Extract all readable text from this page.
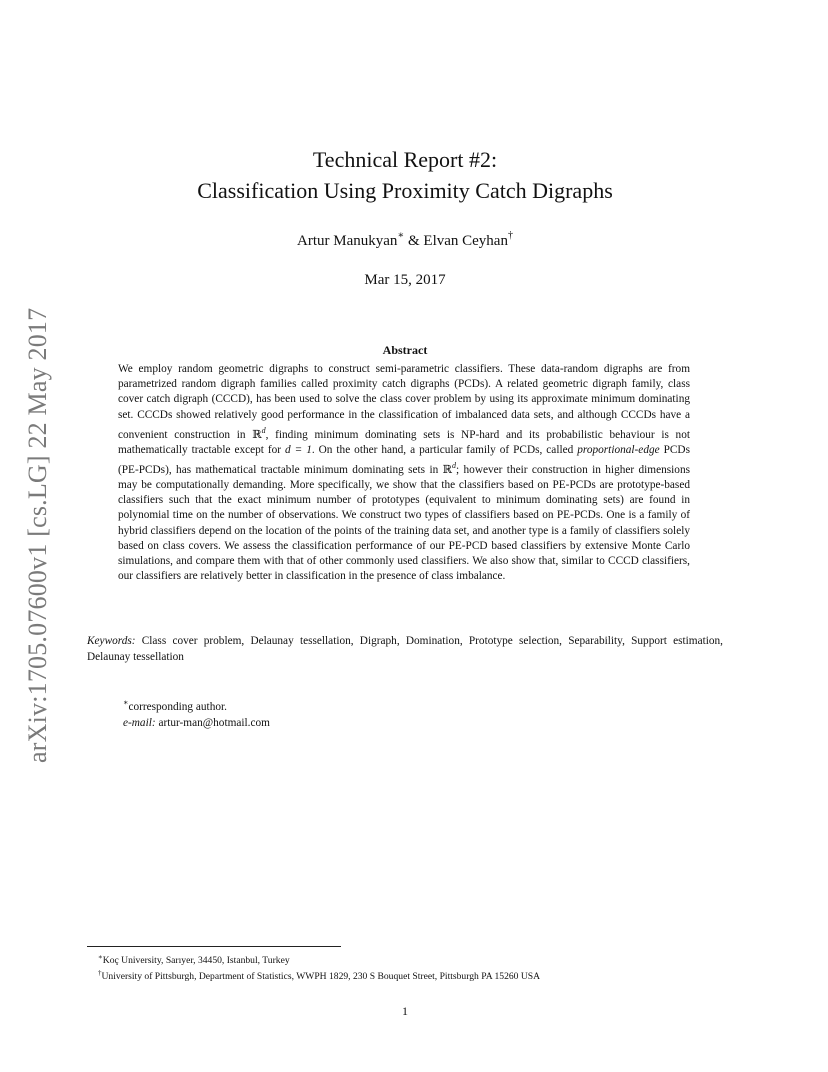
arXiv:1705.07600v1 [cs.LG] 22 May 2017
Technical Report #2:
Classification Using Proximity Catch Digraphs
Artur Manukyan∗ & Elvan Ceyhan†
Mar 15, 2017
Abstract
We employ random geometric digraphs to construct semi-parametric classifiers. These data-random digraphs are from parametrized random digraph families called proximity catch digraphs (PCDs). A related geometric digraph family, class cover catch digraph (CCCD), has been used to solve the class cover problem by using its approximate minimum dominating set. CCCDs showed relatively good performance in the classification of imbalanced data sets, and although CCCDs have a convenient construction in ℝ$^d$, finding minimum dominating sets is NP-hard and its probabilistic behaviour is not mathematically tractable except for d = 1. On the other hand, a particular family of PCDs, called proportional-edge PCDs (PE-PCDs), has mathematical tractable minimum dominating sets in ℝ$^d$; however their construction in higher dimensions may be computationally demanding. More specifically, we show that the classifiers based on PE-PCDs are prototype-based classifiers such that the exact minimum number of prototypes (equivalent to minimum dominating sets) are found in polynomial time on the number of observations. We construct two types of classifiers based on PE-PCDs. One is a family of hybrid classifiers depend on the location of the points of the training data set, and another type is a family of classifiers solely based on class covers. We assess the classification performance of our PE-PCD based classifiers by extensive Monte Carlo simulations, and compare them with that of other commonly used classifiers. We also show that, similar to CCCD classifiers, our classifiers are relatively better in classification in the presence of class imbalance.
Keywords: Class cover problem, Delaunay tessellation, Digraph, Domination, Prototype selection, Separability, Support estimation, Delaunay tessellation
∗corresponding author.
e-mail: artur-man@hotmail.com
∗Koç University, Sarıyer, 34450, Istanbul, Turkey
†University of Pittsburgh, Department of Statistics, WWPH 1829, 230 S Bouquet Street, Pittsburgh PA 15260 USA
1
